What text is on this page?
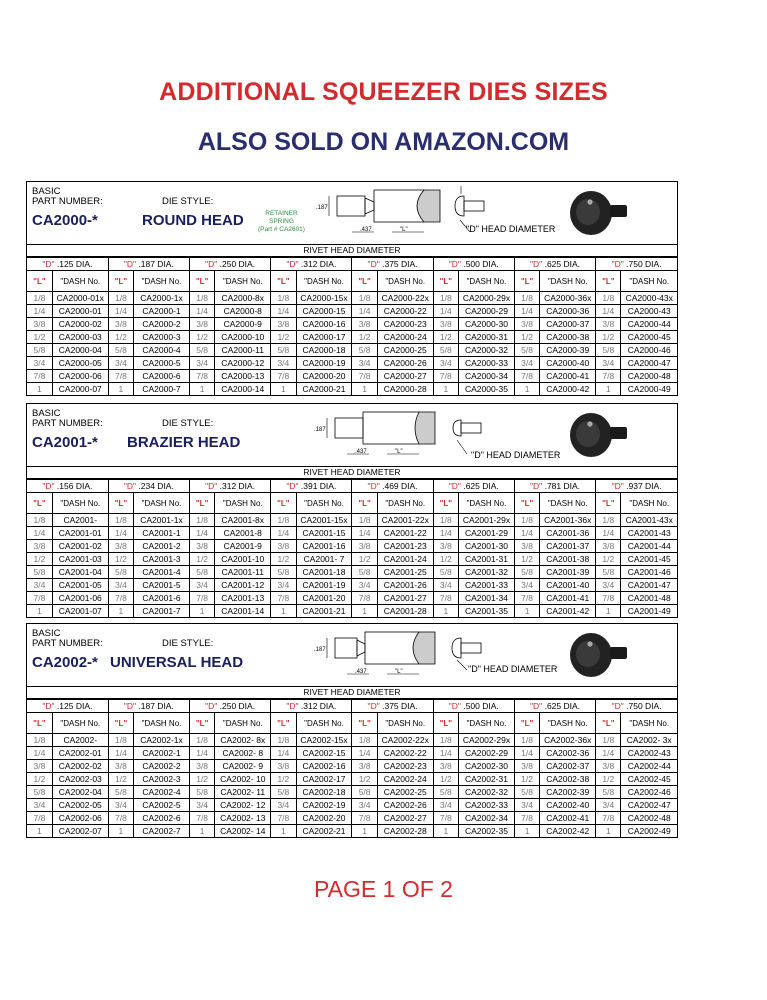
ADDITIONAL SQUEEZER DIES SIZES
ALSO SOLD ON AMAZON.COM
BASIC
PART NUMBER:	DIE STYLE:
CA2000-*	ROUND HEAD	RETAINER
SPRING
(Part # CA2601)
.187
.437	"L"	"D" HEAD DIAMETER
RIVET HEAD DIAMETER
"D" .125 DIA.		"D" .187 DIA.		"D" .250 DIA.		"D" .312 DIA.		"D" .375 DIA.		"D" .500 DIA.		"D" .625 DIA.		"D" .750 DIA.	
"L"	"DASH No.	"L"	"DASH No.	"L"	"DASH No.	"L"	"DASH No.	"L"	"DASH No.	"L"	"DASH No.	"L"	"DASH No.	"L"	"DASH No.
1/8	CA2000-01x	1/8	CA2000-1x	1/8	CA2000-8x	1/8	CA2000-15x	1/8	CA2000-22x	1/8	CA2000-29x	1/8	CA2000-36x	1/8	CA2000-43x
1/4	CA2000-01	1/4	CA2000-1	1/4	CA2000-8	1/4	CA2000-15	1/4	CA2000-22	1/4	CA2000-29	1/4	CA2000-36	1/4	CA2000-43
3/8	CA2000-02	3/8	CA2000-2	3/8	CA2000-9	3/8	CA2000-16	3/8	CA2000-23	3/8	CA2000-30	3/8	CA2000-37	3/8	CA2000-44
1/2	CA2000-03	1/2	CA2000-3	1/2	CA2000-10	1/2	CA2000-17	1/2	CA2000-24	1/2	CA2000-31	1/2	CA2000-38	1/2	CA2000-45
5/8	CA2000-04	5/8	CA2000-4	5/8	CA2000-11	5/8	CA2000-18	5/8	CA2000-25	5/8	CA2000-32	5/8	CA2000-39	5/8	CA2000-46
3/4	CA2000-05	3/4	CA2000-5	3/4	CA2000-12	3/4	CA2000-19	3/4	CA2000-26	3/4	CA2000-33	3/4	CA2000-40	3/4	CA2000-47
7/8	CA2000-06	7/8	CA2000-6	7/8	CA2000-13	7/8	CA2000-20	7/8	CA2000-27	7/8	CA2000-34	7/8	CA2000-41	7/8	CA2000-48
1	CA2000-07	1	CA2000-7	1	CA2000-14	1	CA2000-21	1	CA2000-28	1	CA2000-35	1	CA2000-42	1	CA2000-49
BASIC
PART NUMBER:	DIE STYLE:
CA2001-* BRAZIER HEAD
.187
.437	"L"	"D" HEAD DIAMETER
RIVET HEAD DIAMETER
"D" .156 DIA.		"D" .234 DIA.		"D" .312 DIA.		"D" .391 DIA.		"D" .469 DIA.		"D" .625 DIA.		"D" .781 DIA.		"D" .937 DIA.	
"L"	"DASH No.	"L"	"DASH No.	"L"	"DASH No.	"L"	"DASH No.	"L"	"DASH No.	"L"	"DASH No.	"L"	"DASH No.	"L"	"DASH No.
1/8	CA2001-	1/8	CA2001-1x	1/8	CA2001-8x	1/8	CA2001-15x	1/8	CA2001-22x	1/8	CA2001-29x	1/8	CA2001-36x	1/8	CA2001-43x
1/4	CA2001-01	1/4	CA2001-1	1/4	CA2001-8	1/4	CA2001-15	1/4	CA2001-22	1/4	CA2001-29	1/4	CA2001-36	1/4	CA2001-43
3/8	CA2001-02	3/8	CA2001-2	3/8	CA2001-9	3/8	CA2001-16	3/8	CA2001-23	3/8	CA2001-30	3/8	CA2001-37	3/8	CA2001-44
1/2	CA2001-03	1/2	CA2001-3	1/2	CA2001-10	1/2	CA2001- 7	1/2	CA2001-24	1/2	CA2001-31	1/2	CA2001-38	1/2	CA2001-45
5/8	CA2001-04	5/8	CA2001-4	5/8	CA2001-11	5/8	CA2001-18	5/8	CA2001-25	5/8	CA2001-32	5/8	CA2001-39	5/8	CA2001-46
3/4	CA2001-05	3/4	CA2001-5	3/4	CA2001-12	3/4	CA2001-19	3/4	CA2001-26	3/4	CA2001-33	3/4	CA2001-40	3/4	CA2001-47
7/8	CA2001-06	7/8	CA2001-6	7/8	CA2001-13	7/8	CA2001-20	7/8	CA2001-27	7/8	CA2001-34	7/8	CA2001-41	7/8	CA2001-48
1	CA2001-07	1	CA2001-7	1	CA2001-14	1	CA2001-21	1	CA2001-28	1	CA2001-35	1	CA2001-42	1	CA2001-49
BASIC
PART NUMBER:	DIE STYLE:
CA2002-* UNIVERSAL HEAD
.187
.437	"L"	"D" HEAD DIAMETER
RIVET HEAD DIAMETER
"D" .125 DIA.		"D" .187 DIA.		"D" .250 DIA.		"D" .312 DIA.		"D" .375 DIA.		"D" .500 DIA.		"D" .625 DIA.		"D" .750 DIA.	
"L"	"DASH No.	"L"	"DASH No.	"L"	"DASH No.	"L"	"DASH No.	"L"	"DASH No.	"L"	"DASH No.	"L"	"DASH No.	"L"	"DASH No.
1/8	CA2002-	1/8	CA2002-1x	1/8	CA2002- 8x	1/8	CA2002-15x	1/8	CA2002-22x	1/8	CA2002-29x	1/8	CA2002-36x	1/8	CA2002- 3x
1/4	CA2002-01	1/4	CA2002-1	1/4	CA2002- 8	1/4	CA2002-15	1/4	CA2002-22	1/4	CA2002-29	1/4	CA2002-36	1/4	CA2002-43
3/8	CA2002-02	3/8	CA2002-2	3/8	CA2002- 9	3/8	CA2002-16	3/8	CA2002-23	3/8	CA2002-30	3/8	CA2002-37	3/8	CA2002-44
1/2	CA2002-03	1/2	CA2002-3	1/2	CA2002- 10	1/2	CA2002-17	1/2	CA2002-24	1/2	CA2002-31	1/2	CA2002-38	1/2	CA2002-45
5/8	CA2002-04	5/8	CA2002-4	5/8	CA2002- 11	5/8	CA2002-18	5/8	CA2002-25	5/8	CA2002-32	5/8	CA2002-39	5/8	CA2002-46
3/4	CA2002-05	3/4	CA2002-5	3/4	CA2002- 12	3/4	CA2002-19	3/4	CA2002-26	3/4	CA2002-33	3/4	CA2002-40	3/4	CA2002-47
7/8	CA2002-06	7/8	CA2002-6	7/8	CA2002- 13	7/8	CA2002-20	7/8	CA2002-27	7/8	CA2002-34	7/8	CA2002-41	7/8	CA2002-48
1	CA2002-07	1	CA2002-7	1	CA2002- 14	1	CA2002-21	1	CA2002-28	1	CA2002-35	1	CA2002-42	1	CA2002-49
PAGE 1 OF 2
